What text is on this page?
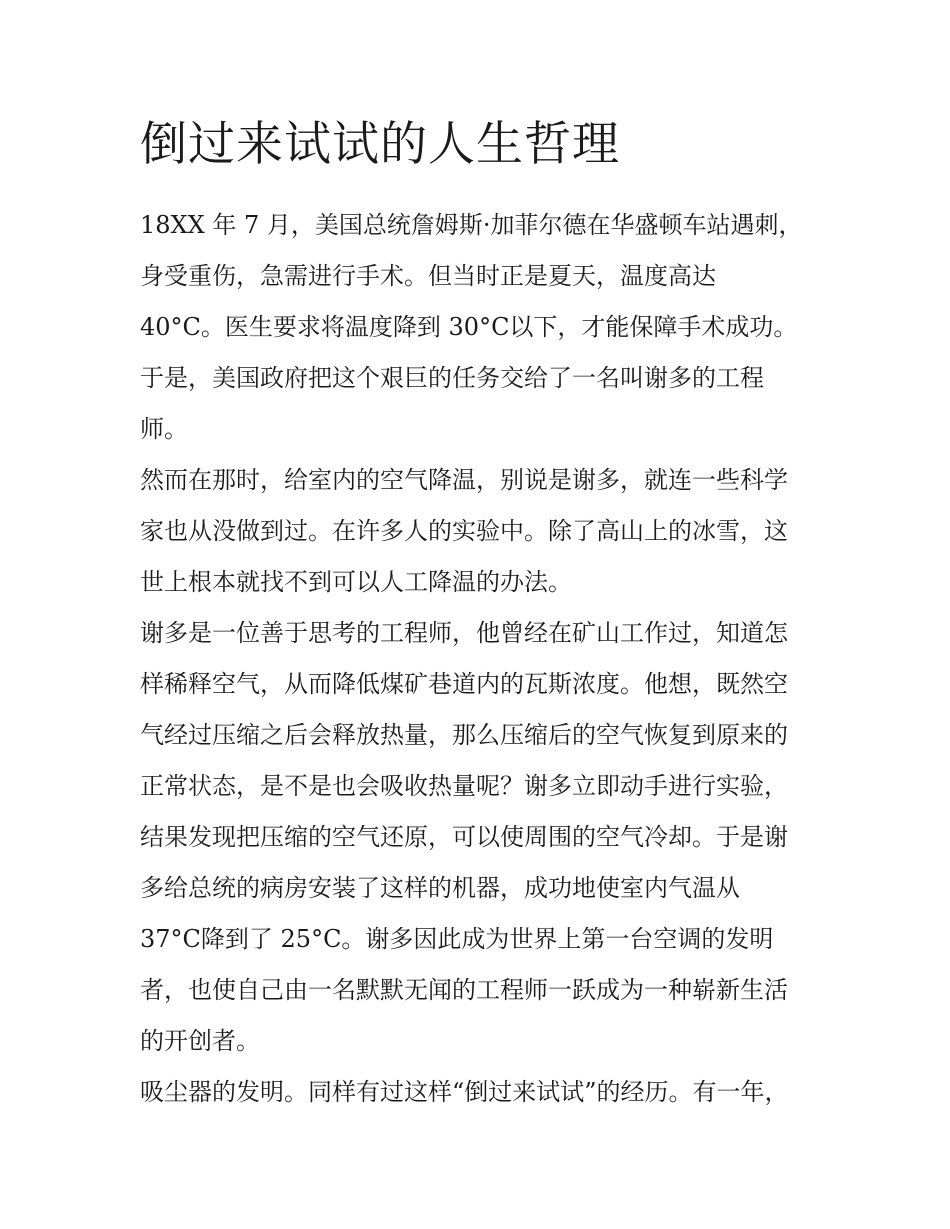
倒过来试试的人生哲理
18XX 年 7 月，美国总统詹姆斯·加菲尔德在华盛顿车站遇刺，
身受重伤，急需进行手术。但当时正是夏天，温度高达
40°C。医生要求将温度降到 30°C以下，才能保障手术成功。
于是，美国政府把这个艰巨的任务交给了一名叫谢多的工程
师。
然而在那时，给室内的空气降温，别说是谢多，就连一些科学
家也从没做到过。在许多人的实验中。除了高山上的冰雪，这
世上根本就找不到可以人工降温的办法。
谢多是一位善于思考的工程师，他曾经在矿山工作过，知道怎
样稀释空气，从而降低煤矿巷道内的瓦斯浓度。他想，既然空
气经过压缩之后会释放热量，那么压缩后的空气恢复到原来的
正常状态，是不是也会吸收热量呢？谢多立即动手进行实验，
结果发现把压缩的空气还原，可以使周围的空气冷却。于是谢
多给总统的病房安装了这样的机器，成功地使室内气温从
37°C降到了 25°C。谢多因此成为世界上第一台空调的发明
者，也使自己由一名默默无闻的工程师一跃成为一种崭新生活
的开创者。
吸尘器的发明。同样有过这样“倒过来试试”的经历。有一年，
